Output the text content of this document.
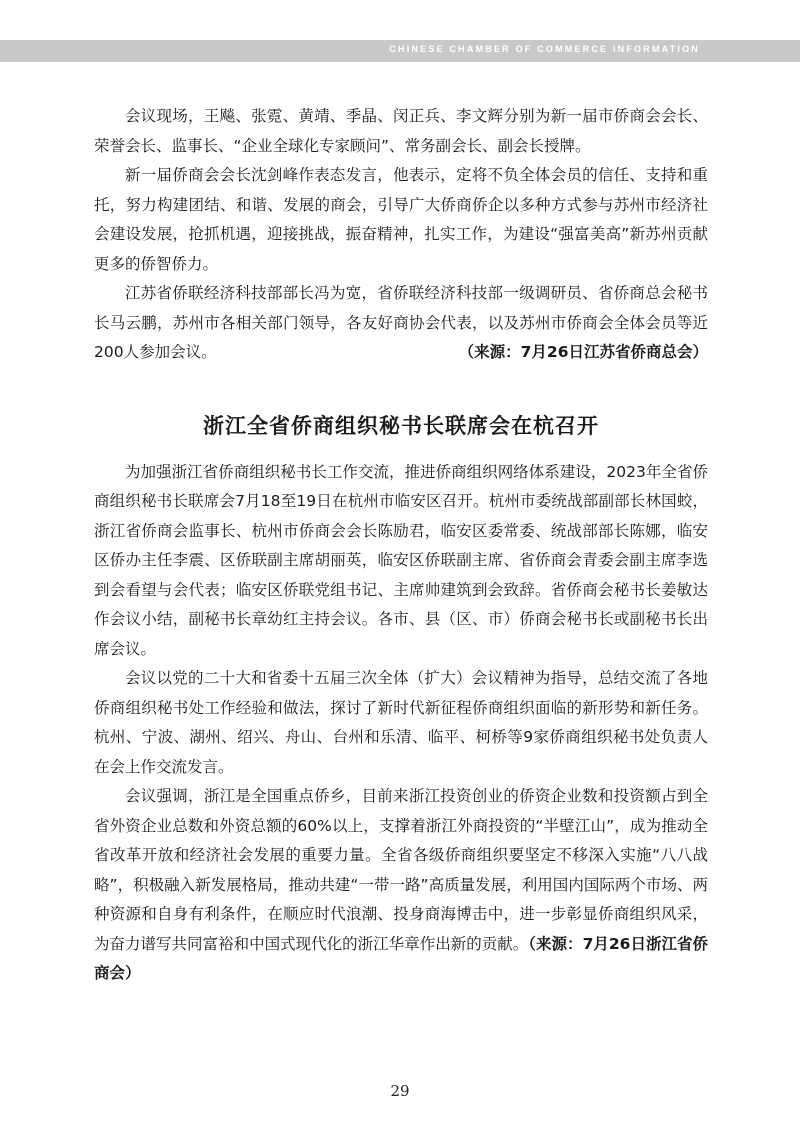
CHINESE CHAMBER OF COMMERCE INFORMATION

会议现场，王飚、张霓、黄靖、季晶、闵正兵、李文辉分别为新一届市侨商会会长、荣誉会长、监事长、“企业全球化专家顾问”、常务副会长、副会长授牌。

新一届侨商会会长沈剑峰作表态发言，他表示，定将不负全体会员的信任、支持和重托，努力构建团结、和谐、发展的商会，引导广大侨商侨企以多种方式参与苏州市经济社会建设发展，抢抓机遇，迎接挑战，振奋精神，扎实工作，为建设“强富美高”新苏州贡献更多的侨智侨力。

江苏省侨联经济科技部部长冯为宽，省侨联经济科技部一级调研员、省侨商总会秘书长马云鹏，苏州市各相关部门领导，各友好商协会代表，以及苏州市侨商会全体会员等近200人参加会议。	（来源：7月26日江苏省侨商总会）

浙江全省侨商组织秘书长联席会在杭召开

为加强浙江省侨商组织秘书长工作交流，推进侨商组织网络体系建设，2023年全省侨商组织秘书长联席会7月18至19日在杭州市临安区召开。杭州市委统战部副部长林国蛟，浙江省侨商会监事长、杭州市侨商会会长陈励君，临安区委常委、统战部部长陈娜，临安区侨办主任李震、区侨联副主席胡丽英，临安区侨联副主席、省侨商会青委会副主席李选到会看望与会代表；临安区侨联党组书记、主席帅建筑到会致辞。省侨商会秘书长姜敏达作会议小结，副秘书长章幼红主持会议。各市、县（区、市）侨商会秘书长或副秘书长出席会议。

会议以党的二十大和省委十五届三次全体（扩大）会议精神为指导，总结交流了各地侨商组织秘书处工作经验和做法，探讨了新时代新征程侨商组织面临的新形势和新任务。杭州、宁波、湖州、绍兴、舟山、台州和乐清、临平、柯桥等9家侨商组织秘书处负责人在会上作交流发言。

会议强调，浙江是全国重点侨乡，目前来浙江投资创业的侨资企业数和投资额占到全省外资企业总数和外资总额的60%以上，支撑着浙江外商投资的“半壁江山”，成为推动全省改革开放和经济社会发展的重要力量。全省各级侨商组织要坚定不移深入实施“八八战略”，积极融入新发展格局，推动共建“一带一路”高质量发展，利用国内国际两个市场、两种资源和自身有利条件，在顺应时代浪潮、投身商海博击中，进一步彰显侨商组织风采，为奋力谱写共同富裕和中国式现代化的浙江华章作出新的贡献。（来源：7月26日浙江省侨商会）

29
